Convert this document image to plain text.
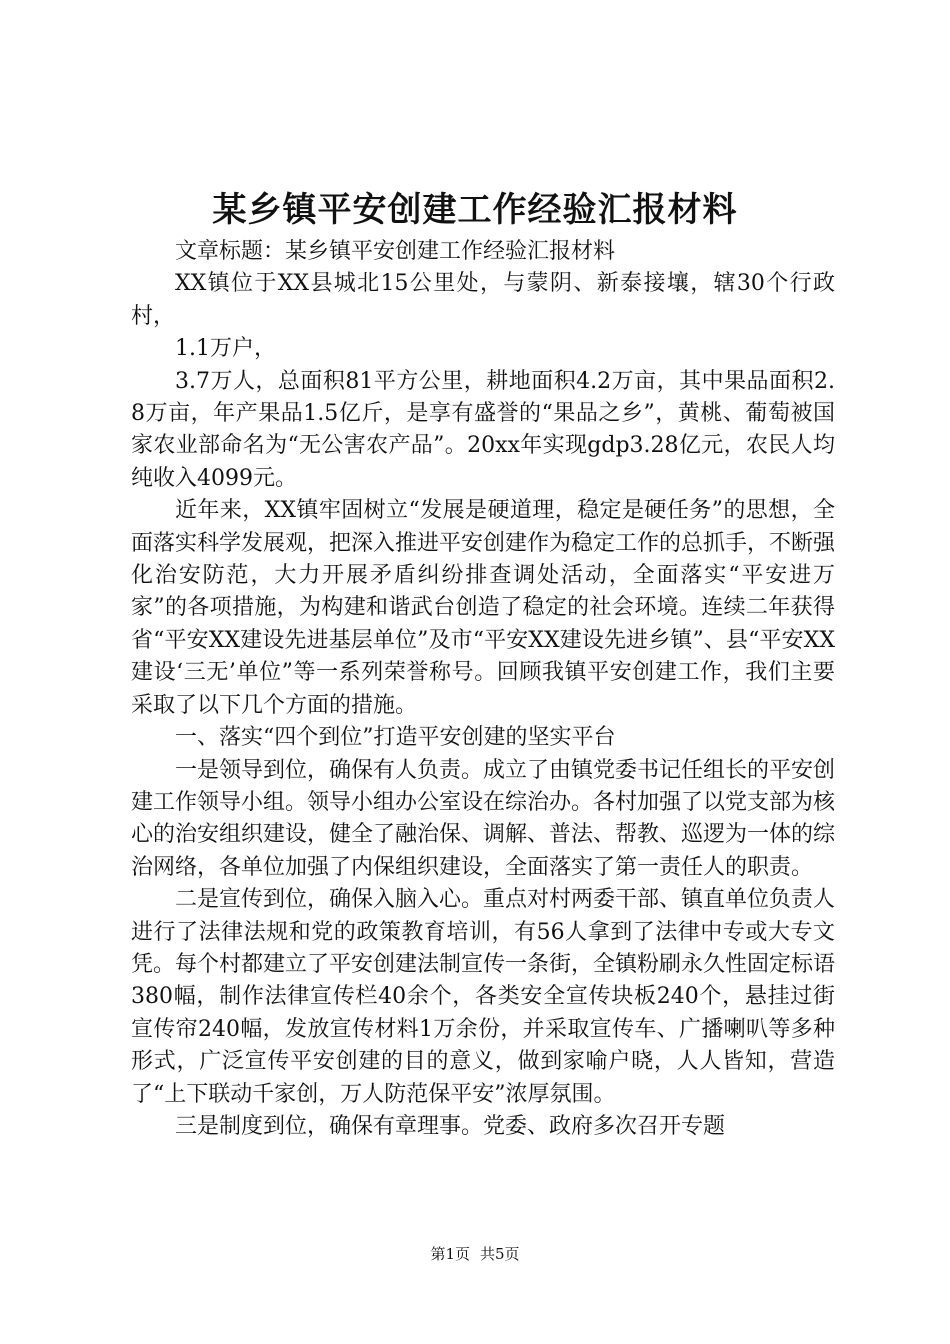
某乡镇平安创建工作经验汇报材料

文章标题：某乡镇平安创建工作经验汇报材料

XX镇位于XX县城北15公里处，与蒙阴、新泰接壤，辖30个行政村，

1.1万户，

3.7万人，总面积81平方公里，耕地面积4.2万亩，其中果品面积2.8万亩，年产果品1.5亿斤，是享有盛誉的“果品之乡”，黄桃、葡萄被国家农业部命名为“无公害农产品”。20xx年实现gdp3.28亿元，农民人均纯收入4099元。

近年来，XX镇牢固树立“发展是硬道理，稳定是硬任务”的思想，全面落实科学发展观，把深入推进平安创建作为稳定工作的总抓手，不断强化治安防范，大力开展矛盾纠纷排查调处活动，全面落实“平安进万家”的各项措施，为构建和谐武台创造了稳定的社会环境。连续二年获得省“平安XX建设先进基层单位”及市“平安XX建设先进乡镇”、县“平安XX建设‘三无’单位”等一系列荣誉称号。回顾我镇平安创建工作，我们主要采取了以下几个方面的措施。

一、落实“四个到位”打造平安创建的坚实平台

一是领导到位，确保有人负责。成立了由镇党委书记任组长的平安创建工作领导小组。领导小组办公室设在综治办。各村加强了以党支部为核心的治安组织建设，健全了融治保、调解、普法、帮教、巡逻为一体的综治网络，各单位加强了内保组织建设，全面落实了第一责任人的职责。

二是宣传到位，确保入脑入心。重点对村两委干部、镇直单位负责人进行了法律法规和党的政策教育培训，有56人拿到了法律中专或大专文凭。每个村都建立了平安创建法制宣传一条街，全镇粉刷永久性固定标语380幅，制作法律宣传栏40余个，各类安全宣传块板240个，悬挂过街宣传帘240幅，发放宣传材料1万余份，并采取宣传车、广播喇叭等多种形式，广泛宣传平安创建的目的意义，做到家喻户晓，人人皆知，营造了“上下联动千家创，万人防范保平安”浓厚氛围。

三是制度到位，确保有章理事。党委、政府多次召开专题

第1页 共5页
